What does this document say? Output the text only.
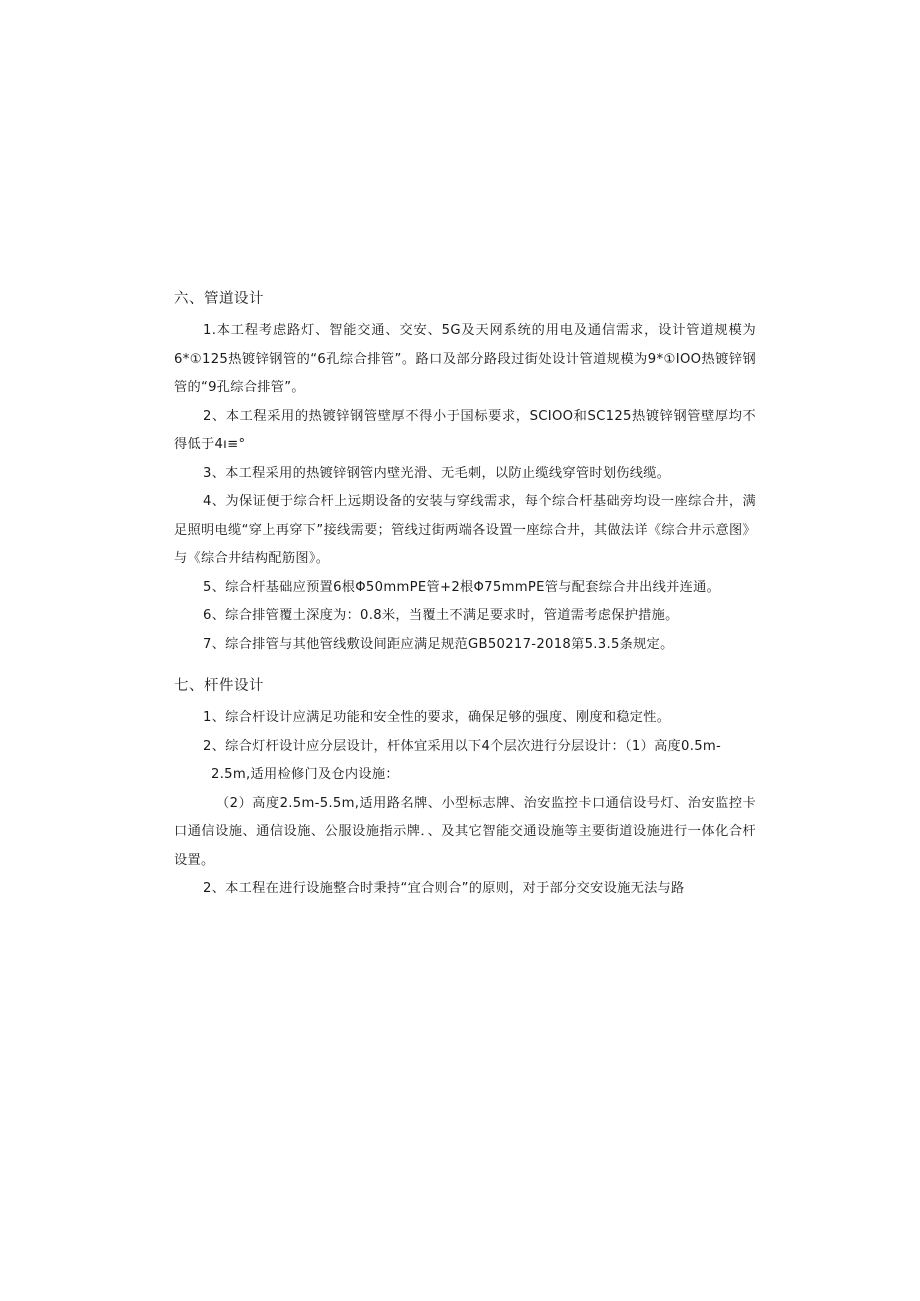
六、管道设计

1.本工程考虑路灯、智能交通、交安、5G及天网系统的用电及通信需求，设计管道规模为6*①125热镀锌钢管的“6孔综合排管”。路口及部分路段过街处设计管道规模为9*①IOO热镀锌钢管的“9孔综合排管”。

2、本工程采用的热镀锌钢管壁厚不得小于国标要求，SCIOO和SC125热镀锌钢管壁厚均不得低于4ı≡°

3、本工程采用的热镀锌钢管内壁光滑、无毛刺，以防止缆线穿管时划伤线缆。

4、为保证便于综合杆上远期设备的安装与穿线需求，每个综合杆基础旁均设一座综合井，满足照明电缆“穿上再穿下”接线需要；管线过街两端各设置一座综合井，其做法详《综合井示意图》与《综合井结构配筋图》。

5、综合杆基础应预置6根Φ50mmPE管+2根Φ75mmPE管与配套综合井出线并连通。

6、综合排管覆土深度为：0.8米，当覆土不满足要求时，管道需考虑保护措施。

7、综合排管与其他管线敷设间距应满足规范GB50217-2018第5.3.5条规定。

七、杆件设计

1、综合杆设计应满足功能和安全性的要求，确保足够的强度、刚度和稳定性。

2、综合灯杆设计应分层设计，杆体宜采用以下4个层次进行分层设计：（1）高度0.5m-

2.5m,适用检修门及仓内设施：

（2）高度2.5m-5.5m,适用路名牌、小型标志牌、治安监控卡口通信设号灯、治安监控卡口通信设施、通信设施、公服设施指示牌．、及其它智能交通设施等主要街道设施进行一体化合杆设置。

2、本工程在进行设施整合时秉持“宜合则合”的原则，对于部分交安设施无法与路
